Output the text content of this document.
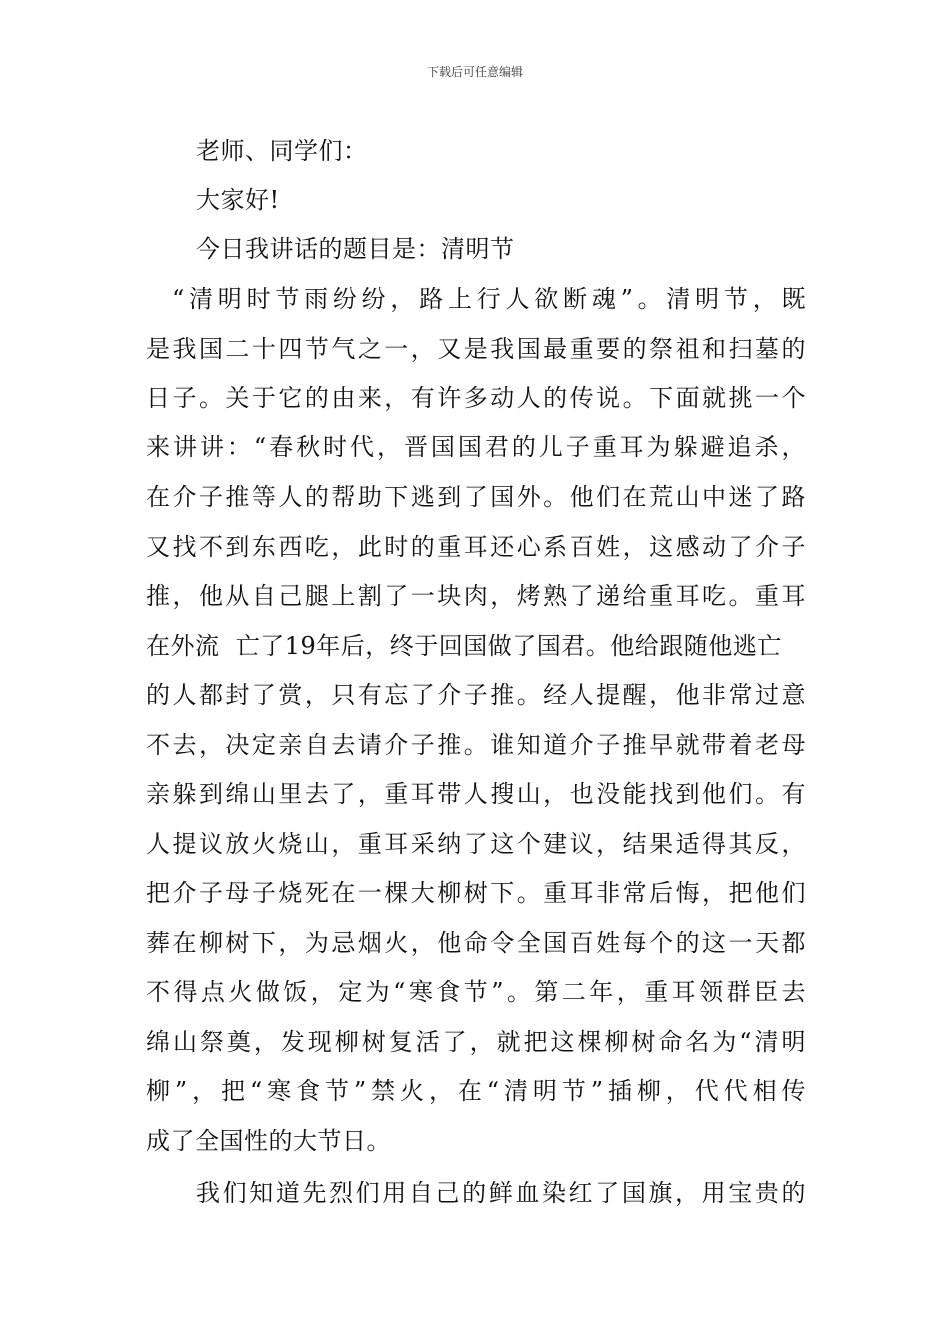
下载后可任意编辑
老师、同学们：
大家好!
今日我讲话的题目是：清明节
“清明时节雨纷纷，路上行人欲断魂”。清明节，既
是我国二十四节气之一，又是我国最重要的祭祖和扫墓的
日子。关于它的由来，有许多动人的传说。下面就挑一个
来讲讲：“春秋时代，晋国国君的儿子重耳为躲避追杀，
在介子推等人的帮助下逃到了国外。他们在荒山中迷了路
又找不到东西吃，此时的重耳还心系百姓，这感动了介子
推，他从自己腿上割了一块肉，烤熟了递给重耳吃。重耳
在外流  亡了19年后，终于回国做了国君。他给跟随他逃亡
的人都封了赏，只有忘了介子推。经人提醒，他非常过意
不去，决定亲自去请介子推。谁知道介子推早就带着老母
亲躲到绵山里去了，重耳带人搜山，也没能找到他们。有
人提议放火烧山，重耳采纳了这个建议，结果适得其反，
把介子母子烧死在一棵大柳树下。重耳非常后悔，把他们
葬在柳树下，为忌烟火，他命令全国百姓每个的这一天都
不得点火做饭，定为“寒食节”。第二年，重耳领群臣去
绵山祭奠，发现柳树复活了，就把这棵柳树命名为“清明
柳”，把“寒食节”禁火，在“清明节”插柳，代代相传
成了全国性的大节日。
我们知道先烈们用自己的鲜血染红了国旗，用宝贵的
